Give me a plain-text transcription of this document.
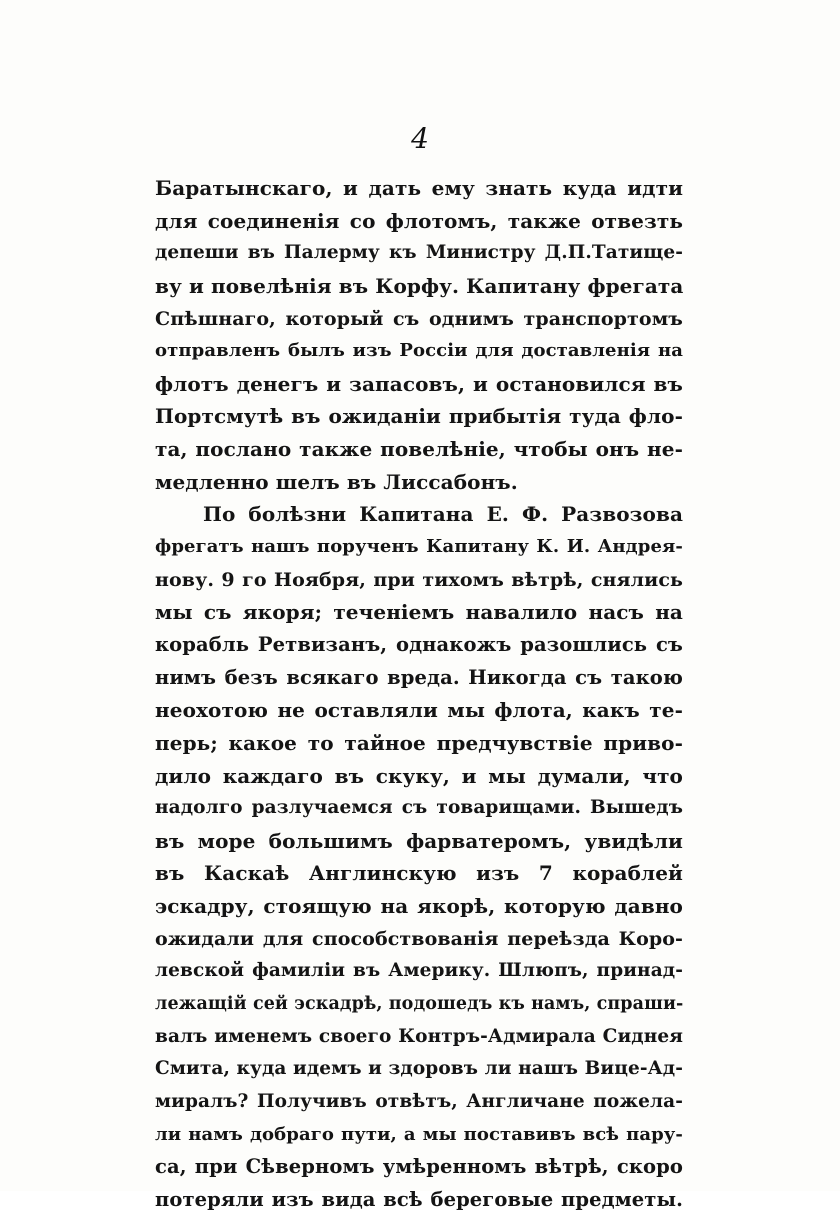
4
Баратынскаго, и дать ему знать куда идти
для соединенія со флотомъ, также отвезть
депеши въ Палерму къ Министру Д.П.Татище-
ву и повелѣнія въ Корфу. Капитану фрегата
Спѣшнаго, который съ однимъ транспортомъ
отправленъ былъ изъ Россіи для доставленія на
флотъ денегъ и запасовъ, и остановился въ
Портсмутѣ въ ожиданіи прибытія туда фло-
та, послано также повелѣніе, чтобы онъ не-
медленно шелъ въ Лиссабонъ.
По болѣзни Капитана Е. Ф. Развозова
фрегатъ нашъ порученъ Капитану К. И. Андрея-
нову. 9 го Ноября, при тихомъ вѣтрѣ, снялись
мы съ якоря; теченіемъ навалило насъ на
корабль Ретвизанъ, однакожъ разошлись съ
нимъ безъ всякаго вреда. Никогда съ такою
неохотою не оставляли мы флота, какъ те-
перь; какое то тайное предчувствіе приво-
дило каждаго въ скуку, и мы думали, что
надолго разлучаемся съ товарищами. Вышедъ
въ море большимъ фарватеромъ, увидѣли
въ Каскаѣ Англинскую изъ 7 кораблей
эскадру, стоящую на якорѣ, которую давно
ожидали для способствованія переѣзда Коро-
левской фамиліи въ Америку. Шлюпъ, принад-
лежащій сей эскадрѣ, подошедъ къ намъ, спраши-
валъ именемъ своего Контръ-Адмирала Сиднея
Смита, куда идемъ и здоровъ ли нашъ Вице-Ад-
миралъ? Получивъ отвѣтъ, Англичане пожела-
ли намъ добраго пути, а мы поставивъ всѣ пару-
са, при Сѣверномъ умѣренномъ вѣтрѣ, скоро
потеряли изъ вида всѣ береговые предметы.
